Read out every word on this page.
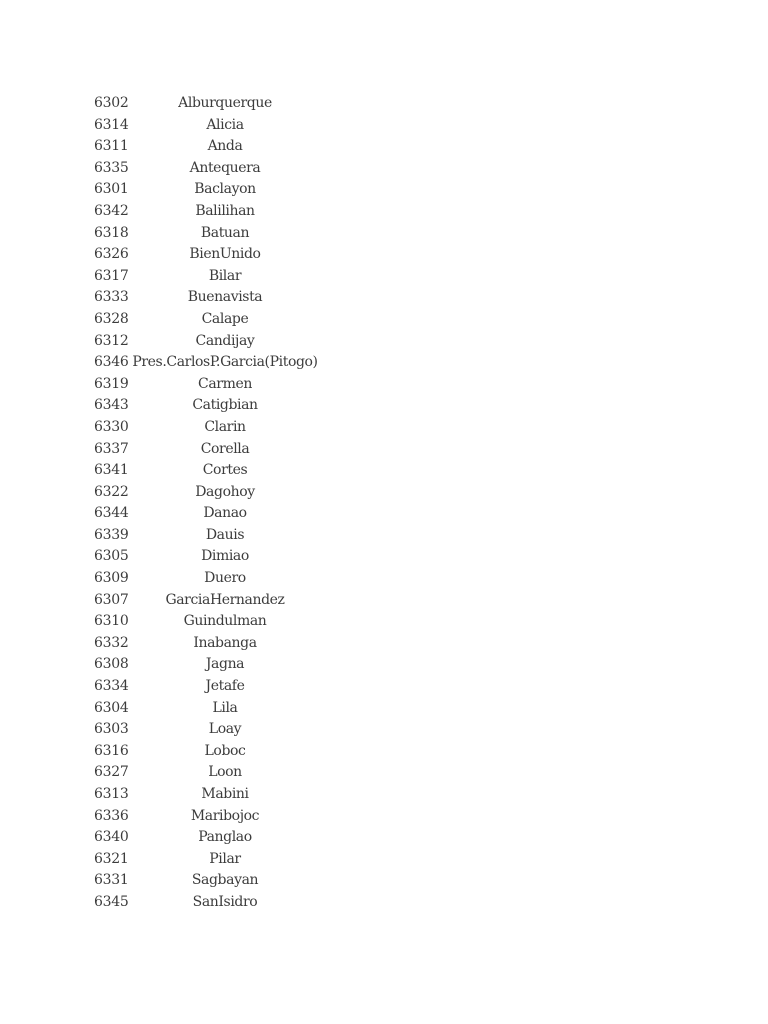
6302	Alburquerque
6314	Alicia
6311	Anda
6335	Antequera
6301	Baclayon
6342	Balilihan
6318	Batuan
6326	BienUnido
6317	Bilar
6333	Buenavista
6328	Calape
6312	Candijay
6346 Pres.CarlosP.Garcia(Pitogo)
6319	Carmen
6343	Catigbian
6330	Clarin
6337	Corella
6341	Cortes
6322	Dagohoy
6344	Danao
6339	Dauis
6305	Dimiao
6309	Duero
6307	GarciaHernandez
6310	Guindulman
6332	Inabanga
6308	Jagna
6334	Jetafe
6304	Lila
6303	Loay
6316	Loboc
6327	Loon
6313	Mabini
6336	Maribojoc
6340	Panglao
6321	Pilar
6331	Sagbayan
6345	SanIsidro
